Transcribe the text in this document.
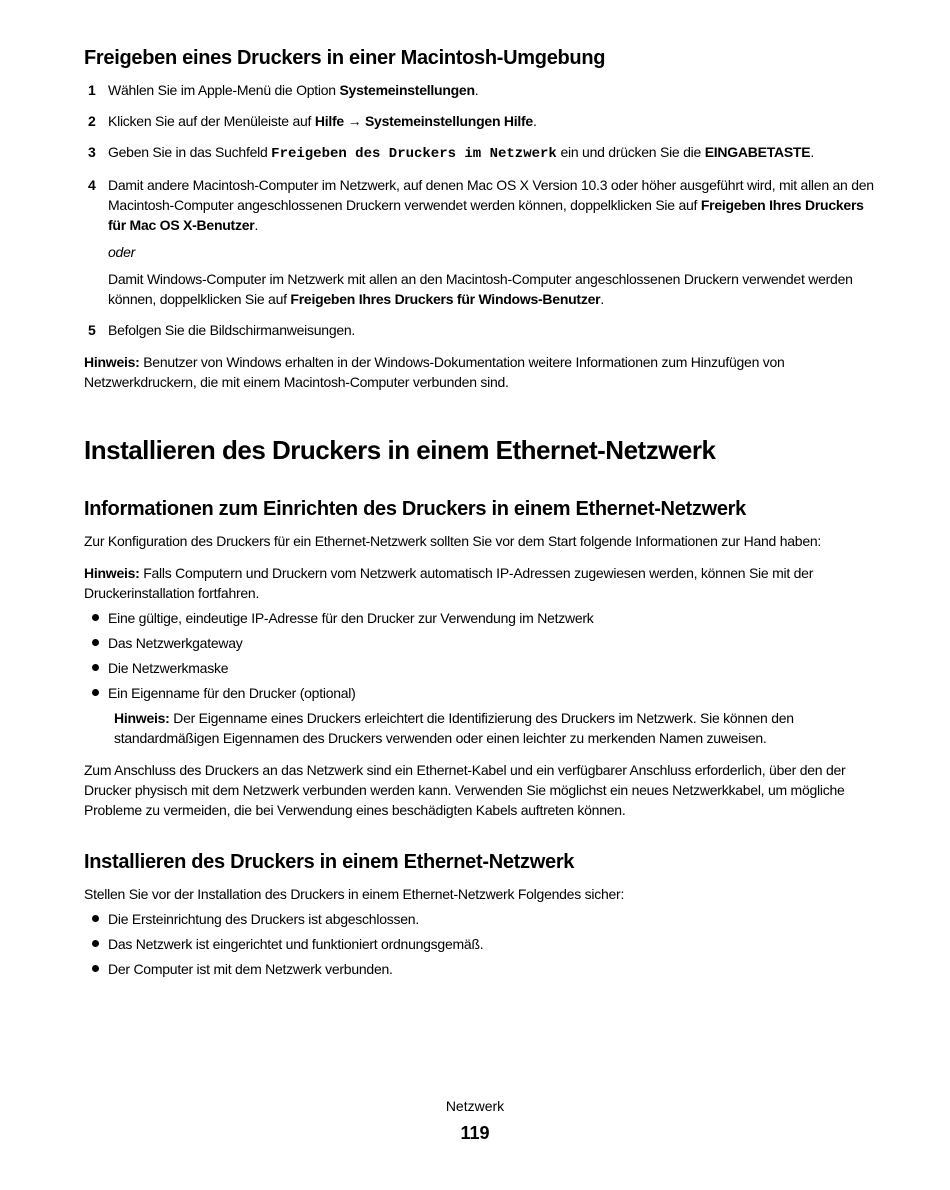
Freigeben eines Druckers in einer Macintosh-Umgebung
1 Wählen Sie im Apple-Menü die Option Systemeinstellungen.
2 Klicken Sie auf der Menüleiste auf Hilfe → Systemeinstellungen Hilfe.
3 Geben Sie in das Suchfeld Freigeben des Druckers im Netzwerk ein und drücken Sie die EINGABETASTE.
4 Damit andere Macintosh-Computer im Netzwerk, auf denen Mac OS X Version 10.3 oder höher ausgeführt wird, mit allen an den Macintosh-Computer angeschlossenen Druckern verwendet werden können, doppelklicken Sie auf Freigeben Ihres Druckers für Mac OS X-Benutzer.

oder

Damit Windows-Computer im Netzwerk mit allen an den Macintosh-Computer angeschlossenen Druckern verwendet werden können, doppelklicken Sie auf Freigeben Ihres Druckers für Windows-Benutzer.

5 Befolgen Sie die Bildschirmanweisungen.

Hinweis: Benutzer von Windows erhalten in der Windows-Dokumentation weitere Informationen zum Hinzufügen von Netzwerkdruckern, die mit einem Macintosh-Computer verbunden sind.

Installieren des Druckers in einem Ethernet-Netzwerk
Informationen zum Einrichten des Druckers in einem Ethernet-Netzwerk

Zur Konfiguration des Druckers für ein Ethernet-Netzwerk sollten Sie vor dem Start folgende Informationen zur Hand haben:

Hinweis: Falls Computern und Druckern vom Netzwerk automatisch IP-Adressen zugewiesen werden, können Sie mit der Druckerinstallation fortfahren.

Eine gültige, eindeutige IP-Adresse für den Drucker zur Verwendung im Netzwerk
Das Netzwerkgateway
Die Netzwerkmaske
Ein Eigenname für den Drucker (optional)

Hinweis: Der Eigenname eines Druckers erleichtert die Identifizierung des Druckers im Netzwerk. Sie können den standardmäßigen Eigennamen des Druckers verwenden oder einen leichter zu merkenden Namen zuweisen.

Zum Anschluss des Druckers an das Netzwerk sind ein Ethernet-Kabel und ein verfügbarer Anschluss erforderlich, über den der Drucker physisch mit dem Netzwerk verbunden werden kann. Verwenden Sie möglichst ein neues Netzwerkkabel, um mögliche Probleme zu vermeiden, die bei Verwendung eines beschädigten Kabels auftreten können.

Installieren des Druckers in einem Ethernet-Netzwerk

Stellen Sie vor der Installation des Druckers in einem Ethernet-Netzwerk Folgendes sicher:

Die Ersteinrichtung des Druckers ist abgeschlossen.
Das Netzwerk ist eingerichtet und funktioniert ordnungsgemäß.
Der Computer ist mit dem Netzwerk verbunden.
Netzwerk
119
